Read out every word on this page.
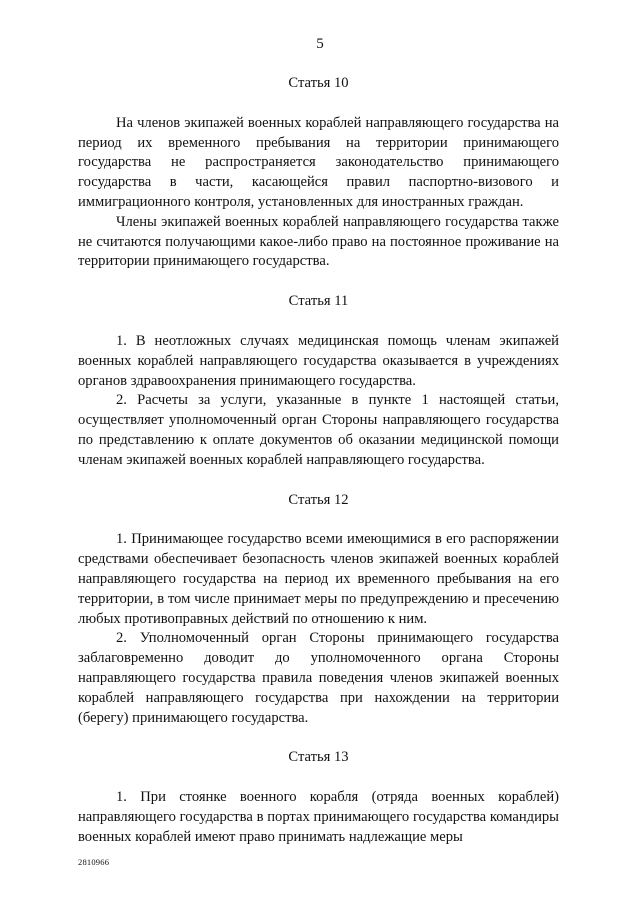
5

Статья 10

На членов экипажей военных кораблей направляющего государства на период их временного пребывания на территории принимающего государства не распространяется законодательство принимающего государства в части, касающейся правил паспортно-визового и иммиграционного контроля, установленных для иностранных граждан.

Члены экипажей военных кораблей направляющего государства также не считаются получающими какое-либо право на постоянное проживание на территории принимающего государства.

Статья 11

1. В неотложных случаях медицинская помощь членам экипажей военных кораблей направляющего государства оказывается в учреждениях органов здравоохранения принимающего государства.

2. Расчеты за услуги, указанные в пункте 1 настоящей статьи, осуществляет уполномоченный орган Стороны направляющего государства по представлению к оплате документов об оказании медицинской помощи членам экипажей военных кораблей направляющего государства.

Статья 12

1. Принимающее государство всеми имеющимися в его распоряжении средствами обеспечивает безопасность членов экипажей военных кораблей направляющего государства на период их временного пребывания на его территории, в том числе принимает меры по предупреждению и пресечению любых противоправных действий по отношению к ним.

2. Уполномоченный орган Стороны принимающего государства заблаговременно доводит до уполномоченного органа Стороны направляющего государства правила поведения членов экипажей военных кораблей направляющего государства при нахождении на территории (берегу) принимающего государства.

Статья 13

1. При стоянке военного корабля (отряда военных кораблей) направляющего государства в портах принимающего государства командиры военных кораблей имеют право принимать надлежащие меры

2810966
